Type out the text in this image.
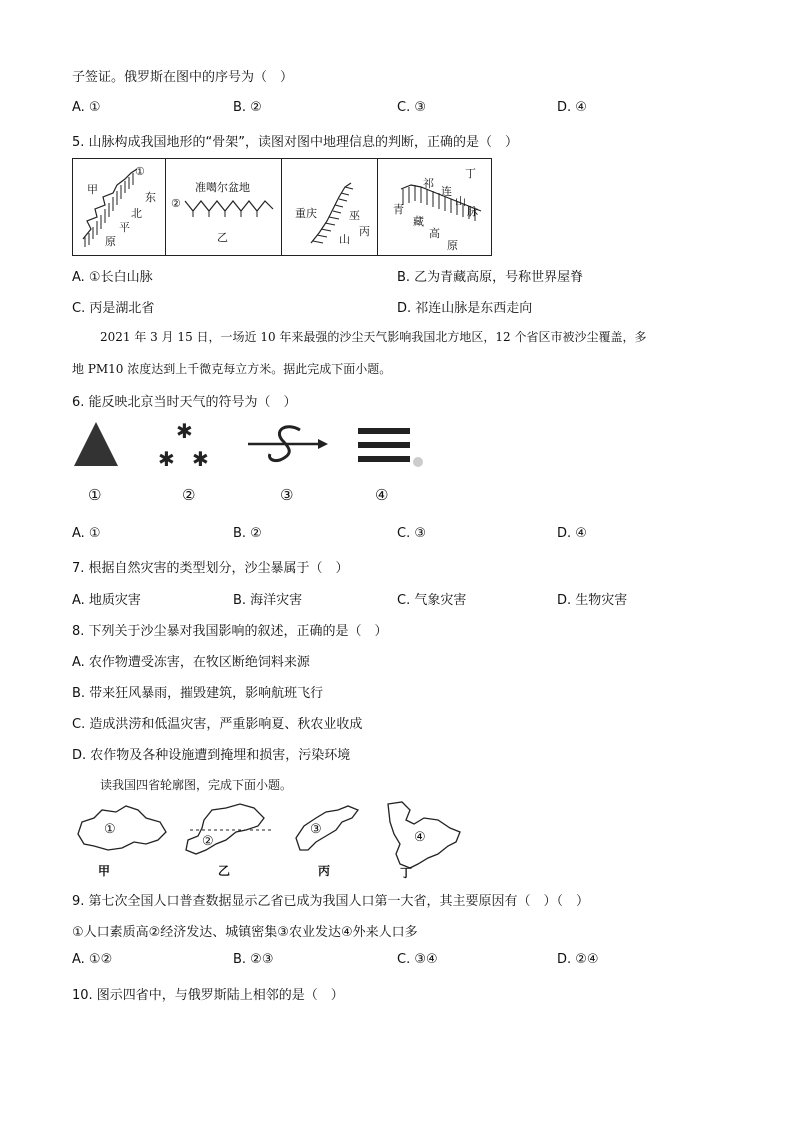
子签证。俄罗斯在图中的序号为（　）
A. ①	B. ②	C. ③	D. ④
5. 山脉构成我国地形的“骨架”，读图对图中地理信息的判断，正确的是（　）
①
甲
东
北
平
原
②
准噶尔盆地
乙
重庆	巫
山
丙
丁
祁
连
山
脉
青
藏
高
原
A. ①长白山脉	B. 乙为青藏高原，号称世界屋脊
C. 丙是湖北省	D. 祁连山脉是东西走向
2021 年 3 月 15 日，一场近 10 年来最强的沙尘天气影响我国北方地区，12 个省区市被沙尘覆盖，多
地 PM10 浓度达到上千微克每立方米。据此完成下面小题。
6. 能反映北京当时天气的符号为（　）
✱
✱ ✱
①	②	③	④
A. ①	B. ②	C. ③	D. ④
7. 根据自然灾害的类型划分，沙尘暴属于（　）
A. 地质灾害	B. 海洋灾害	C. 气象灾害	D. 生物灾害
8. 下列关于沙尘暴对我国影响的叙述，正确的是（　）
A. 农作物遭受冻害，在牧区断绝饲料来源
B. 带来狂风暴雨，摧毁建筑，影响航班飞行
C. 造成洪涝和低温灾害，严重影响夏、秋农业收成
D. 农作物及各种设施遭到掩埋和损害，污染环境
读我国四省轮廓图，完成下面小题。
①
②
③
④
甲	乙	丙	丁
9. 第七次全国人口普查数据显示乙省已成为我国人口第一大省，其主要原因有（　）（　）
①人口素质高②经济发达、城镇密集③农业发达④外来人口多
A. ①②	B. ②③	C. ③④	D. ②④
10. 图示四省中，与俄罗斯陆上相邻的是（　）
